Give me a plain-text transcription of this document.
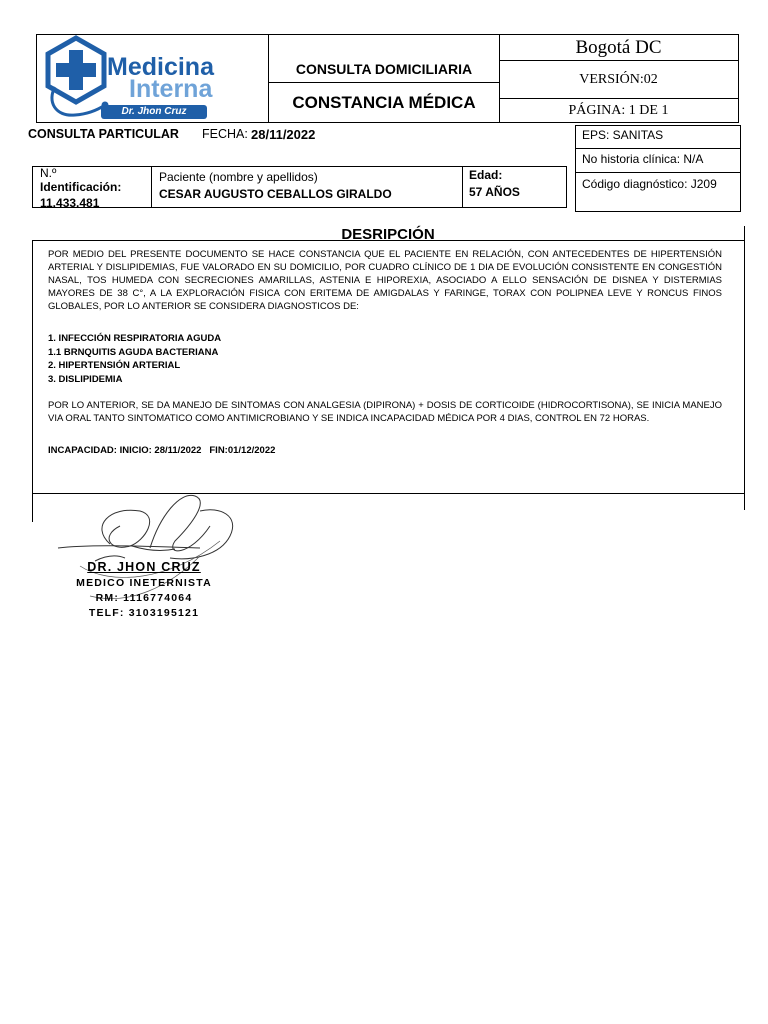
Medicina
Interna
Dr. Jhon Cruz
CONSULTA DOMICILIARIA
CONSTANCIA MÉDICA
Bogotá DC
VERSIÓN:02
PÁGINA: 1 DE 1
CONSULTA PARTICULAR FECHA: 28/11/2022	EPS: SANITAS
No historia clínica: N/A
Código diagnóstico: J209
N.º
Identificación:
11.433.481
Paciente (nombre y apellidos)
CESAR AUGUSTO CEBALLOS GIRALDO
Edad:
57 AÑOS
DESRIPCIÓN
POR MEDIO DEL PRESENTE DOCUMENTO SE HACE CONSTANCIA QUE EL PACIENTE EN RELACIÓN, CON ANTECEDENTES DE HIPERTENSIÓN ARTERIAL Y DISLIPIDEMIAS, FUE VALORADO EN SU DOMICILIO, POR CUADRO CLÍNICO DE 1 DIA DE EVOLUCIÓN CONSISTENTE EN CONGESTIÓN NASAL, TOS HUMEDA CON SECRECIONES AMARILLAS, ASTENIA E HIPOREXIA, ASOCIADO A ELLO SENSACIÓN DE DISNEA Y DISTERMIAS MAYORES DE 38 C°, A LA EXPLORACIÓN FISICA CON ERITEMA DE AMIGDALAS Y FARINGE, TORAX CON POLIPNEA LEVE Y RONCUS FINOS GLOBALES, POR LO ANTERIOR SE CONSIDERA DIAGNOSTICOS DE:
1. INFECCIÓN RESPIRATORIA AGUDA
1.1 BRNQUITIS AGUDA BACTERIANA
2. HIPERTENSIÓN ARTERIAL
3. DISLIPIDEMIA
POR LO ANTERIOR, SE DA MANEJO DE SINTOMAS CON ANALGESIA (DIPIRONA) + DOSIS DE CORTICOIDE (HIDROCORTISONA), SE INICIA MANEJO VIA ORAL TANTO SINTOMATICO COMO ANTIMICROBIANO Y SE INDICA INCAPACIDAD MÉDICA POR 4 DIAS, CONTROL EN 72 HORAS.
INCAPACIDAD: INICIO: 28/11/2022   FIN:01/12/2022
DR. JHON CRUZ
MEDICO INETERNISTA
RM: 1116774064
TELF: 3103195121
